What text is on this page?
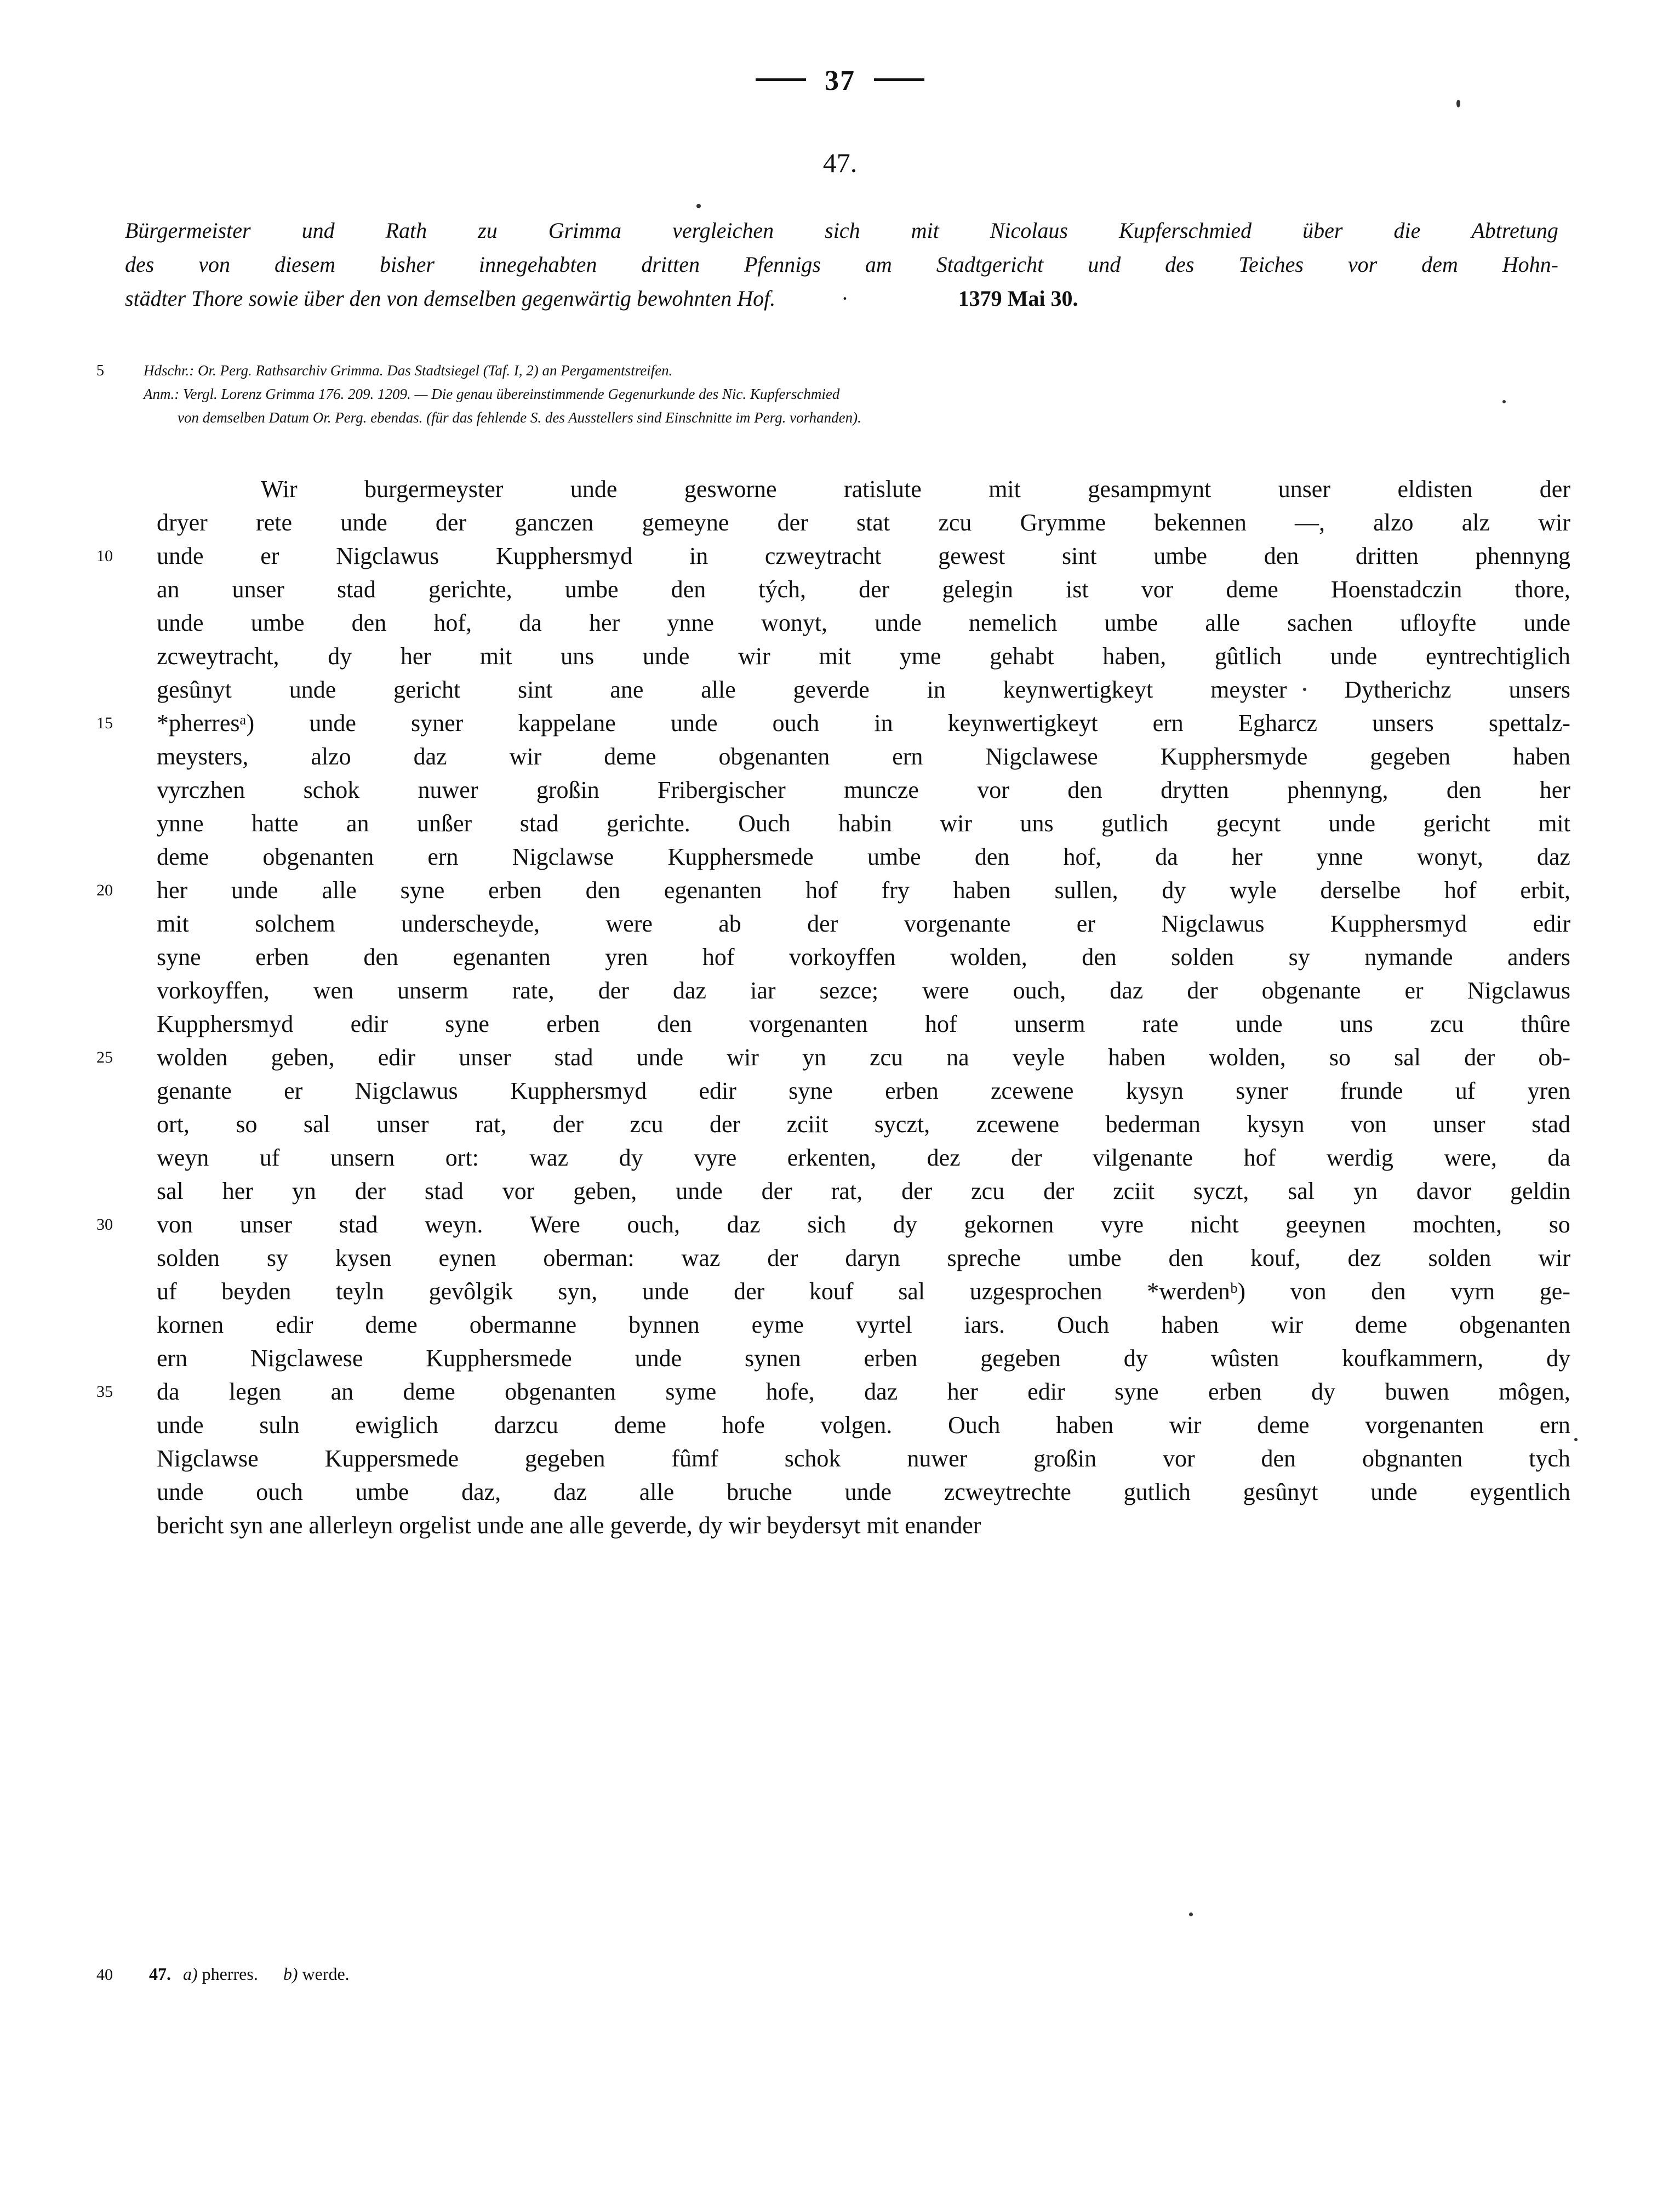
37
47.
Bürgermeister und Rath zu Grimma vergleichen sich mit Nicolaus Kupferschmied über die Abtretung
des von diesem bisher innegehabten dritten Pfennigs am Stadtgericht und des Teiches vor dem Hohn-
städter Thore sowie über den von demselben gegenwärtig bewohnten Hof.	·	1379 Mai 30.
5	Hdschr.: Or. Perg. Rathsarchiv Grimma. Das Stadtsiegel (Taf. I, 2) an Pergamentstreifen.
Anm.: Vergl. Lorenz Grimma 176. 209. 1209. — Die genau übereinstimmende Gegenurkunde des Nic. Kupferschmied
von demselben Datum Or. Perg. ebendas. (für das fehlende S. des Ausstellers sind Einschnitte im Perg. vorhanden).
Wir	burgermeyster	unde	gesworne	ratislute	mit	gesampmynt	unser	eldisten	der
dryer rete unde der ganczen gemeyne der stat zcu Grymme bekennen —, alzo alz wir
10	unde er Nigclawus Kupphersmyd in czweytracht gewest sint umbe den dritten phennyng
an unser stad gerichte, umbe den tých, der gelegin ist vor deme Hoenstadczin thore,
unde umbe den hof, da her ynne wonyt, unde nemelich umbe alle sachen ufloyfte unde
zcweytracht, dy her mit uns unde wir mit yme gehabt haben, gûtlich unde eyntrechtiglich
gesûnyt unde gericht sint ane alle geverde in keynwertigkeyt meyster Dytherichz unsers
15	*pherresᵃ) unde syner kappelane unde ouch in keynwertigkeyt ern Egharcz unsers spettalz-
meysters,	alzo	daz	wir	deme	obgenanten	ern	Nigclawese	Kupphersmyde	gegeben	haben
vyrczhen schok nuwer großin Fribergischer muncze vor den drytten phennyng, den her
ynne hatte an unßer stad gerichte. Ouch habin wir uns gutlich gecynt unde gericht mit
deme obgenanten ern Nigclawse Kupphersmede umbe den hof, da her ynne wonyt, daz
20	her unde alle syne erben den egenanten hof fry haben sullen, dy wyle derselbe hof erbit,
mit	solchem	underscheyde,	were	ab	der	vorgenante	er	Nigclawus	Kupphersmyd	edir
syne erben den egenanten yren hof vorkoyffen wolden, den solden sy nymande anders
vorkoyffen, wen unserm rate, der daz iar sezce; were ouch, daz der obgenante er Nigclawus
Kupphersmyd edir syne erben den vorgenanten hof unserm rate unde uns zcu thûre
25	wolden geben, edir unser stad unde wir yn zcu na veyle haben wolden, so sal der ob-
genante er Nigclawus Kupphersmyd edir syne erben zcewene kysyn syner frunde uf yren
ort, so sal unser rat, der zcu der zciit syczt, zcewene bederman kysyn von unser stad
weyn uf unsern ort: waz dy vyre erkenten, dez der vilgenante hof werdig were, da
sal her yn der stad vor geben, unde der rat, der zcu der zciit syczt, sal yn davor geldin
30	von unser stad weyn. Were ouch, daz sich dy gekornen vyre nicht geeynen mochten, so
solden sy kysen eynen oberman: waz der daryn spreche umbe den kouf, dez solden wir
uf beyden teyln gevôlgik syn, unde der kouf sal uzgesprochen *werdenᵇ) von den vyrn ge-
kornen edir deme obermanne bynnen eyme vyrtel iars. Ouch haben wir deme obgenanten
ern	Nigclawese	Kupphersmede	unde	synen	erben	gegeben	dy	wûsten	koufkammern,	dy
35	da legen an deme obgenanten syme hofe, daz her edir syne erben dy buwen môgen,
unde suln ewiglich darzcu deme hofe volgen. Ouch haben wir deme vorgenanten ern
Nigclawse	Kuppersmede	gegeben	fûmf	schok	nuwer	großin	vor	den	obgnanten	tych
unde ouch umbe daz, daz alle bruche unde zcweytrechte gutlich gesûnyt unde eygentlich
bericht syn ane allerleyn orgelist unde ane alle geverde, dy wir beydersyt mit enander
40 47. a) pherres. b) werde.
